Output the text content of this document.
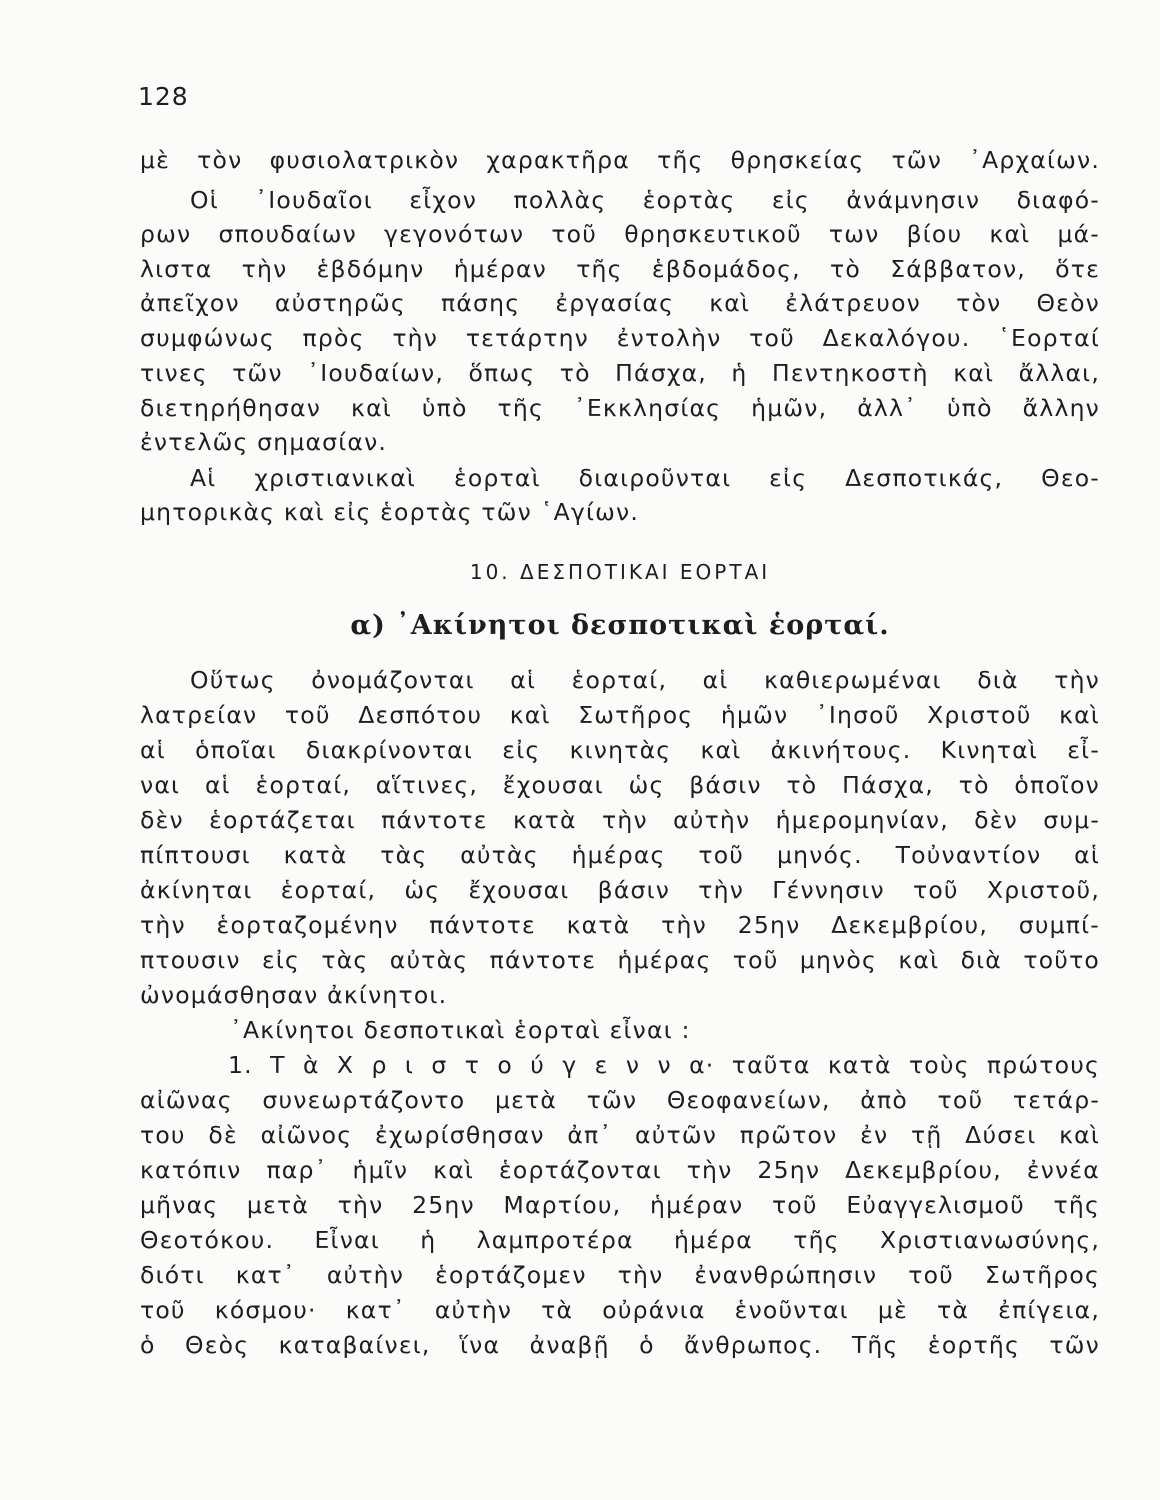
128
μὲ τὸν φυσιολατρικὸν χαρακτῆρα τῆς θρησκείας τῶν ᾿Αρχαίων.
Οἱ ᾿Ιουδαῖοι εἶχον πολλὰς ἑορτὰς εἰς ἀνάμνησιν διαφό-
ρων σπουδαίων γεγονότων τοῦ θρησκευτικοῦ των βίου καὶ μά-
λιστα τὴν ἑβδόμην ἡμέραν τῆς ἑβδομάδος, τὸ Σάββατον, ὅτε
ἀπεῖχον αὐστηρῶς πάσης ἐργασίας καὶ ἐλάτρευον τὸν Θεὸν
συμφώνως πρὸς τὴν τετάρτην ἐντολὴν τοῦ Δεκαλόγου. ῾Εορταί
τινες τῶν ᾿Ιουδαίων, ὅπως τὸ Πάσχα, ἡ Πεντηκοστὴ καὶ ἄλλαι,
διετηρήθησαν καὶ ὑπὸ τῆς ᾿Εκκλησίας ἡμῶν, ἀλλ᾿ ὑπὸ ἄλλην
ἐντελῶς σημασίαν.
Αἱ χριστιανικαὶ ἑορταὶ διαιροῦνται εἰς Δεσποτικάς, Θεο-
μητορικὰς καὶ εἰς ἑορτὰς τῶν ῾Αγίων.
10. ΔΕΣΠΟΤΙΚΑΙ ΕΟΡΤΑΙ
α) ᾿Ακίνητοι δεσποτικαὶ ἑορταί.
Οὕτως ὀνομάζονται αἱ ἑορταί, αἱ καθιερωμέναι διὰ τὴν
λατρείαν τοῦ Δεσπότου καὶ Σωτῆρος ἡμῶν ᾿Ιησοῦ Χριστοῦ καὶ
αἱ ὁποῖαι διακρίνονται εἰς κινητὰς καὶ ἀκινήτους. Κινηταὶ εἶ-
ναι αἱ ἑορταί, αἵτινες, ἔχουσαι ὡς βάσιν τὸ Πάσχα, τὸ ὁποῖον
δὲν ἑορτάζεται πάντοτε κατὰ τὴν αὐτὴν ἡμερομηνίαν, δὲν συμ-
πίπτουσι κατὰ τὰς αὐτὰς ἡμέρας τοῦ μηνός. Τοὐναντίον αἱ
ἀκίνηται ἑορταί, ὡς ἔχουσαι βάσιν τὴν Γέννησιν τοῦ Χριστοῦ,
τὴν ἑορταζομένην πάντοτε κατὰ τὴν 25ην Δεκεμβρίου, συμπί-
πτουσιν εἰς τὰς αὐτὰς πάντοτε ἡμέρας τοῦ μηνὸς καὶ διὰ τοῦτο
ὠνομάσθησαν ἀκίνητοι.
᾿Ακίνητοι δεσποτικαὶ ἑορταὶ εἶναι :
1. Τ ὰ Χ ρ ι σ τ ο ύ γ ε ν ν α· ταῦτα κατὰ τοὺς πρώτους
αἰῶνας συνεωρτάζοντο μετὰ τῶν Θεοφανείων, ἀπὸ τοῦ τετάρ-
του δὲ αἰῶνος ἐχωρίσθησαν ἀπ᾿ αὐτῶν πρῶτον ἐν τῇ Δύσει καὶ
κατόπιν παρ᾿ ἡμῖν καὶ ἑορτάζονται τὴν 25ην Δεκεμβρίου, ἐννέα
μῆνας μετὰ τὴν 25ην Μαρτίου, ἡμέραν τοῦ Εὐαγγελισμοῦ τῆς
Θεοτόκου. Εἶναι ἡ λαμπροτέρα ἡμέρα τῆς Χριστιανωσύνης,
διότι κατ᾿ αὐτὴν ἑορτάζομεν τὴν ἐνανθρώπησιν τοῦ Σωτῆρος
τοῦ κόσμου· κατ᾿ αὐτὴν τὰ οὐράνια ἑνοῦνται μὲ τὰ ἐπίγεια,
ὁ Θεὸς καταβαίνει, ἵνα ἀναβῇ ὁ ἄνθρωπος. Τῆς ἑορτῆς τῶν
